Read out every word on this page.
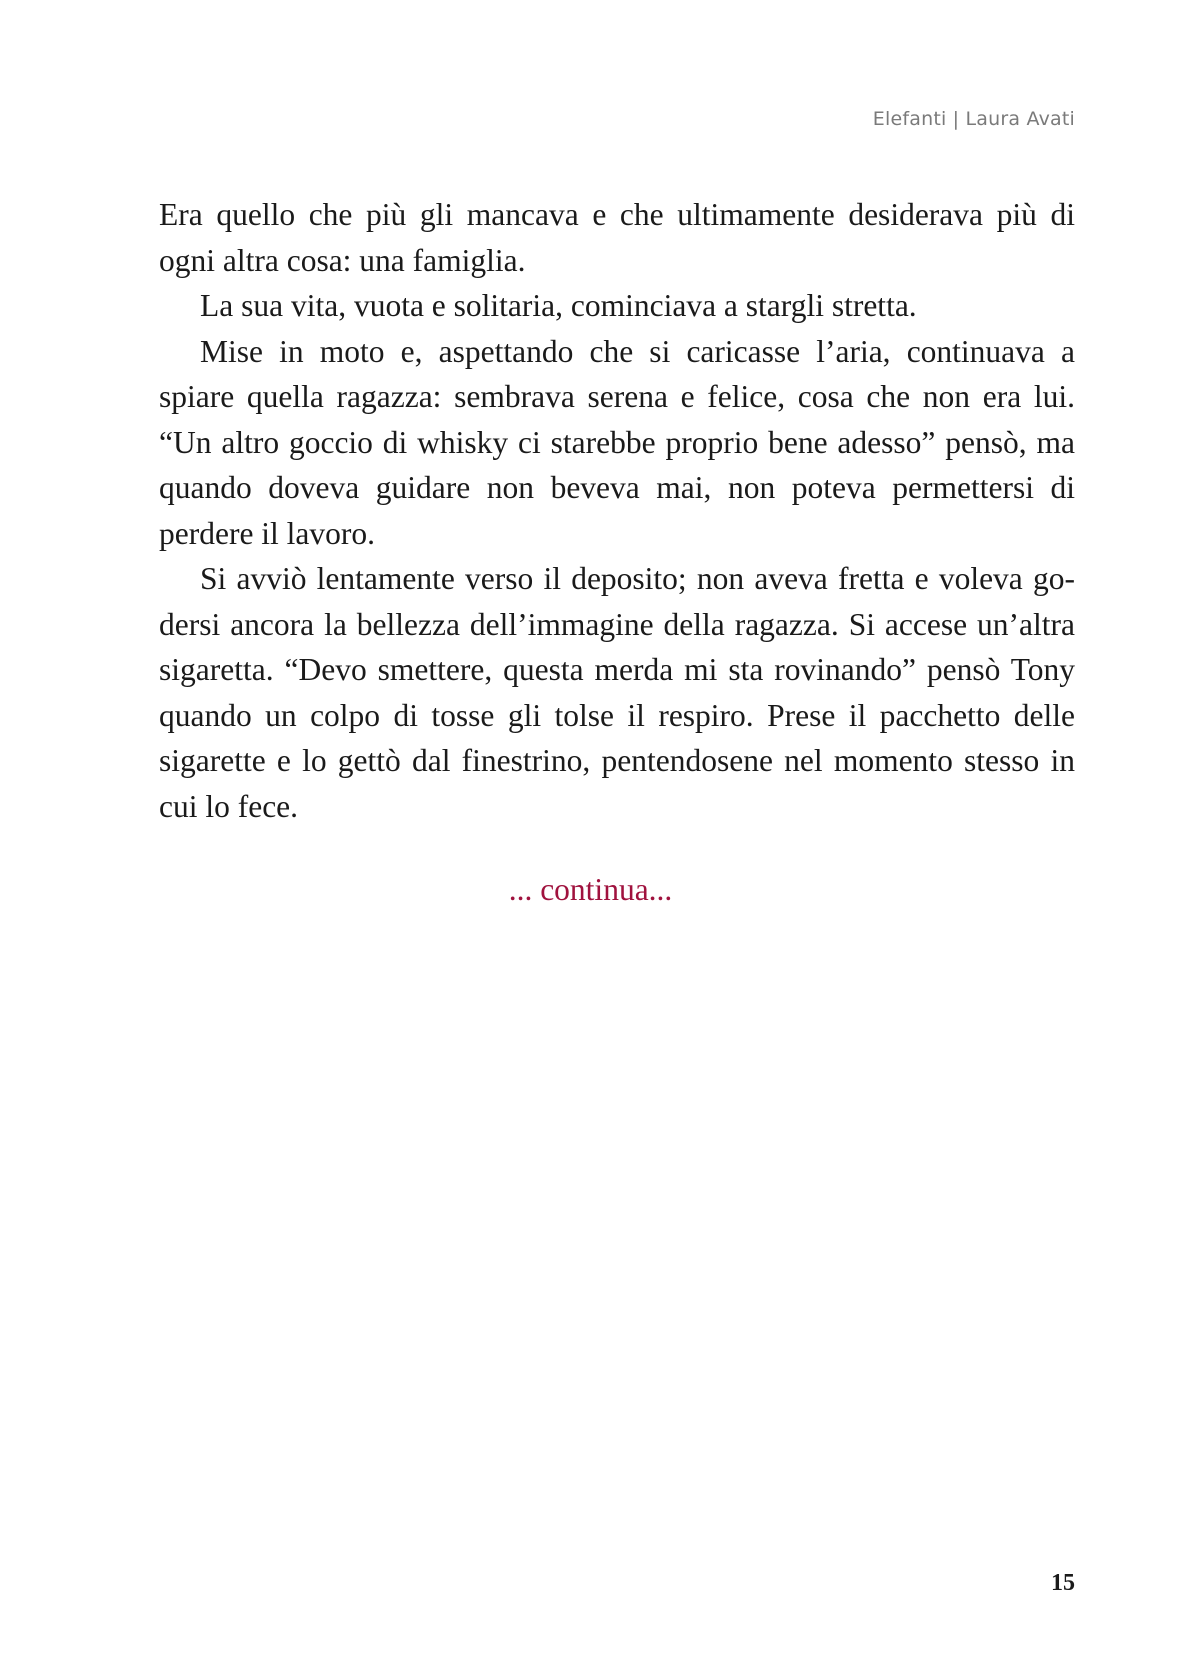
Elefanti | Laura Avati

Era quello che più gli mancava e che ultimamente desiderava più di ogni altra cosa: una famiglia.

La sua vita, vuota e solitaria, cominciava a stargli stretta.

Mise in moto e, aspettando che si caricasse l’aria, continuava a spiare quella ragazza: sembrava serena e felice, cosa che non era lui. “Un altro goccio di whisky ci starebbe proprio bene adesso” pensò, ma quando doveva guidare non beveva mai, non poteva permettersi di perdere il lavoro.

Si avviò lentamente verso il deposito; non aveva fretta e voleva go-dersi ancora la bellezza dell’immagine della ragazza. Si accese un’altra sigaretta. “Devo smettere, questa merda mi sta rovinando” pensò Tony quando un colpo di tosse gli tolse il respiro. Prese il pacchetto delle sigarette e lo gettò dal finestrino, pentendosene nel momento stesso in cui lo fece.

... continua...
15
